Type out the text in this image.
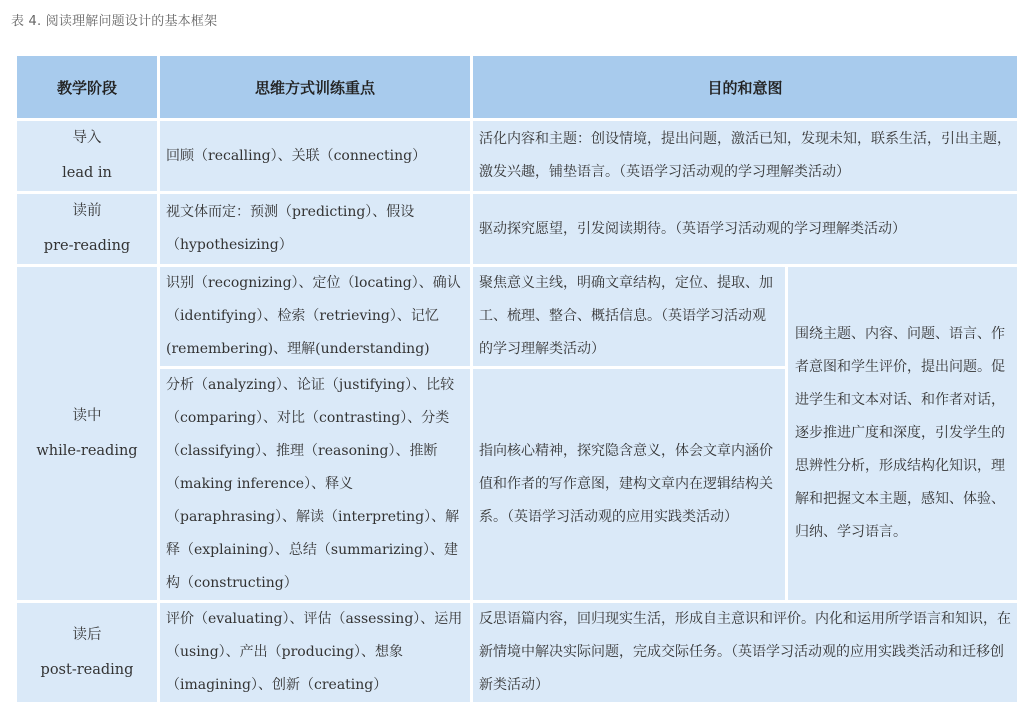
表 4. 阅读理解问题设计的基本框架
教学阶段	思维方式训练重点	目的和意图	

导入
lead in	回顾（recalling）、关联（connecting）	活化内容和主题：创设情境，提出问题，激活已知，发现未知，联系生活，引出主题，激发兴趣，铺垫语言。（英语学习活动观的学习理解类活动）	

读前
pre-reading	视文体而定：预测（predicting）、假设（hypothesizing）	驱动探究愿望，引发阅读期待。（英语学习活动观的学习理解类活动）	

读中
while-reading	识别（recognizing）、定位（locating）、确认（identifying）、检索（retrieving）、记忆(remembering)、理解(understanding)	聚焦意义主线，明确文章结构，定位、提取、加工、梳理、整合、概括信息。（英语学习活动观的学习理解类活动）	围绕主题、内容、问题、语言、作者意图和学生评价，提出问题。促进学生和文本对话、和作者对话，逐步推进广度和深度，引发学生的思辨性分析，形成结构化知识，理解和把握文本主题，感知、体验、归纳、学习语言。
	分析（analyzing）、论证（justifying）、比较（comparing）、对比（contrasting）、分类（classifying）、推理（reasoning）、推断（making inference）、释义（paraphrasing）、解读（interpreting）、解释（explaining）、总结（summarizing）、建构（constructing）	指向核心精神，探究隐含意义，体会文章内涵价值和作者的写作意图，建构文章内在逻辑结构关系。（英语学习活动观的应用实践类活动）	

读后
post-reading	评价（evaluating）、评估（assessing）、运用（using）、产出（producing）、想象（imagining）、创新（creating）	反思语篇内容，回归现实生活，形成自主意识和评价。内化和运用所学语言和知识，在新情境中解决实际问题，完成交际任务。（英语学习活动观的应用实践类活动和迁移创新类活动）	
